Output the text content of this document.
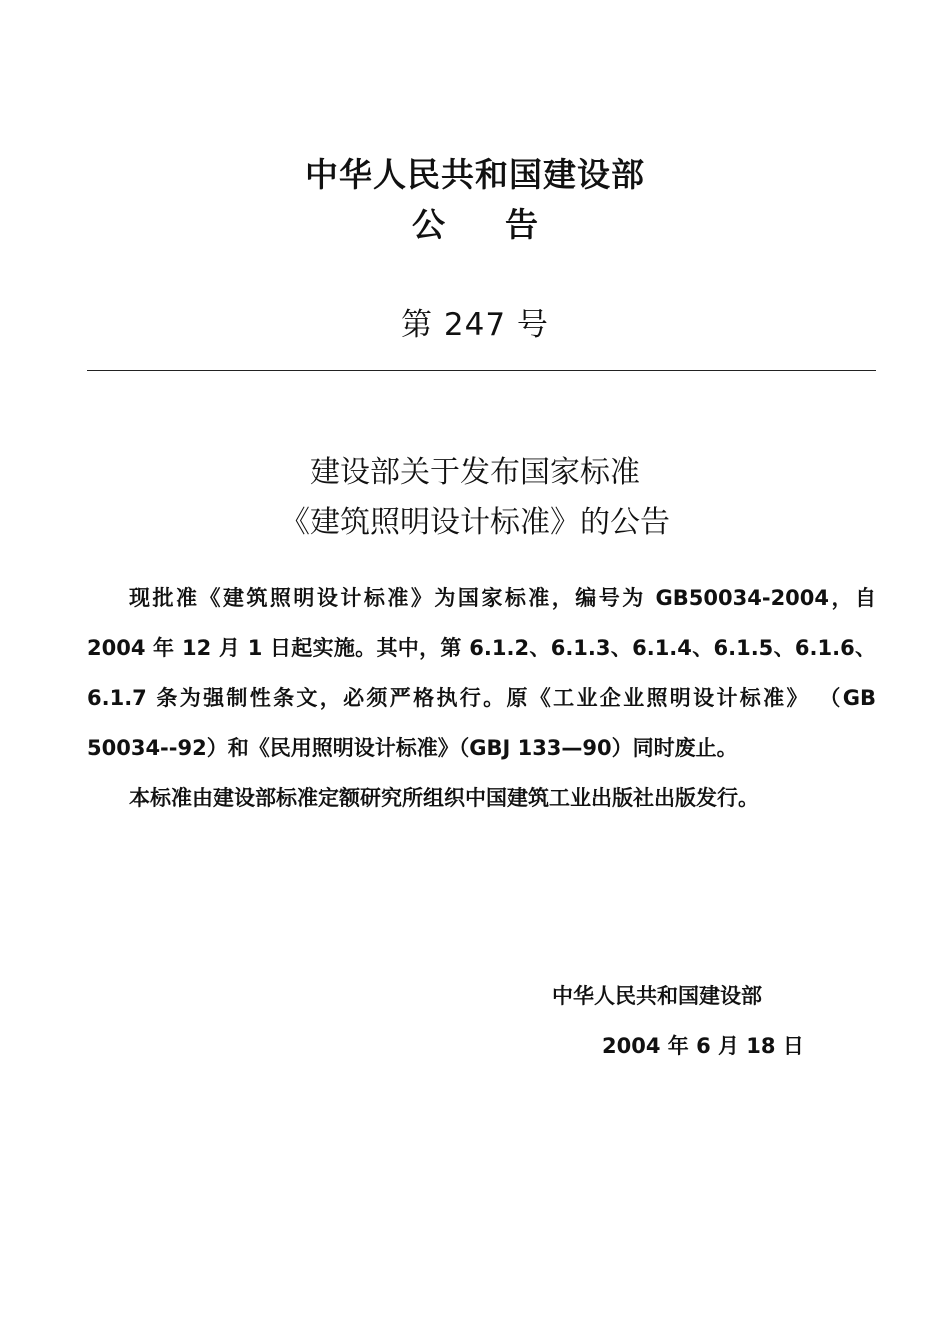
中华人民共和国建设部
公告
第 247 号
建设部关于发布国家标准
《建筑照明设计标准》的公告

现批准《建筑照明设计标准》为国家标准，编号为 GB50034-2004，自 2004 年 12 月 1 日起实施。其中，第 6.1.2、6.1.3、6.1.4、6.1.5、6.1.6、6.1.7 条为强制性条文，必须严格执行。原《工业企业照明设计标准》 （GB 50034--92）和《民用照明设计标准》（GBJ 133—90）同时废止。

本标准由建设部标准定额研究所组织中国建筑工业出版社出版发行。

中华人民共和国建设部
2004 年 6 月 18 日
